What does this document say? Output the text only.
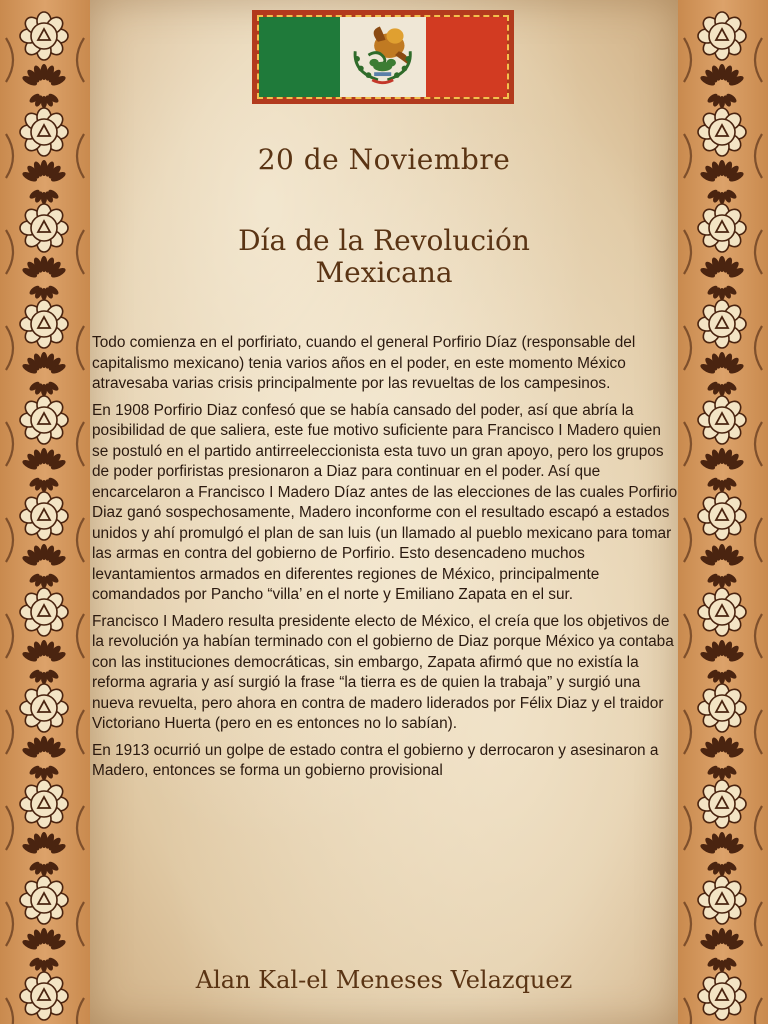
20 de Noviembre
Día de la Revolución
Mexicana

Todo comienza en el porfiriato, cuando el general Porfirio Díaz (responsable del capitalismo mexicano) tenia varios años en el poder, en este momento México atravesaba varias crisis principalmente por las revueltas de los campesinos.

En 1908 Porfirio Diaz confesó que se había cansado del poder, así que abría la posibilidad de que saliera, este fue motivo suficiente para Francisco I Madero quien se postuló en el partido antirreeleccionista esta tuvo un gran apoyo, pero los grupos de poder porfiristas presionaron a Diaz para continuar en el poder. Así que encarcelaron a Francisco I Madero Díaz antes de las elecciones de las cuales Porfirio Diaz ganó sospechosamente, Madero inconforme con el resultado escapó a estados unidos y ahí promulgó el plan de san luis (un llamado al pueblo mexicano para tomar las armas en contra del gobierno de Porfirio. Esto desencadeno muchos levantamientos armados en diferentes regiones de México, principalmente comandados por Pancho “villa’ en el norte y Emiliano Zapata en el sur.

Francisco I Madero resulta presidente electo de México, el creía que los objetivos de la revolución ya habían terminado con el gobierno de Diaz porque México ya contaba con las instituciones democráticas, sin embargo, Zapata afirmó que no existía la reforma agraria y así surgió la frase “la tierra es de quien la trabaja” y surgió una nueva revuelta, pero ahora en contra de madero liderados por Félix Diaz y el traidor Victoriano Huerta (pero en es entonces no lo sabían).

En 1913 ocurrió un golpe de estado contra el gobierno y derrocaron y asesinaron a Madero, entonces se forma un gobierno provisional

Alan Kal-el Meneses Velazquez
